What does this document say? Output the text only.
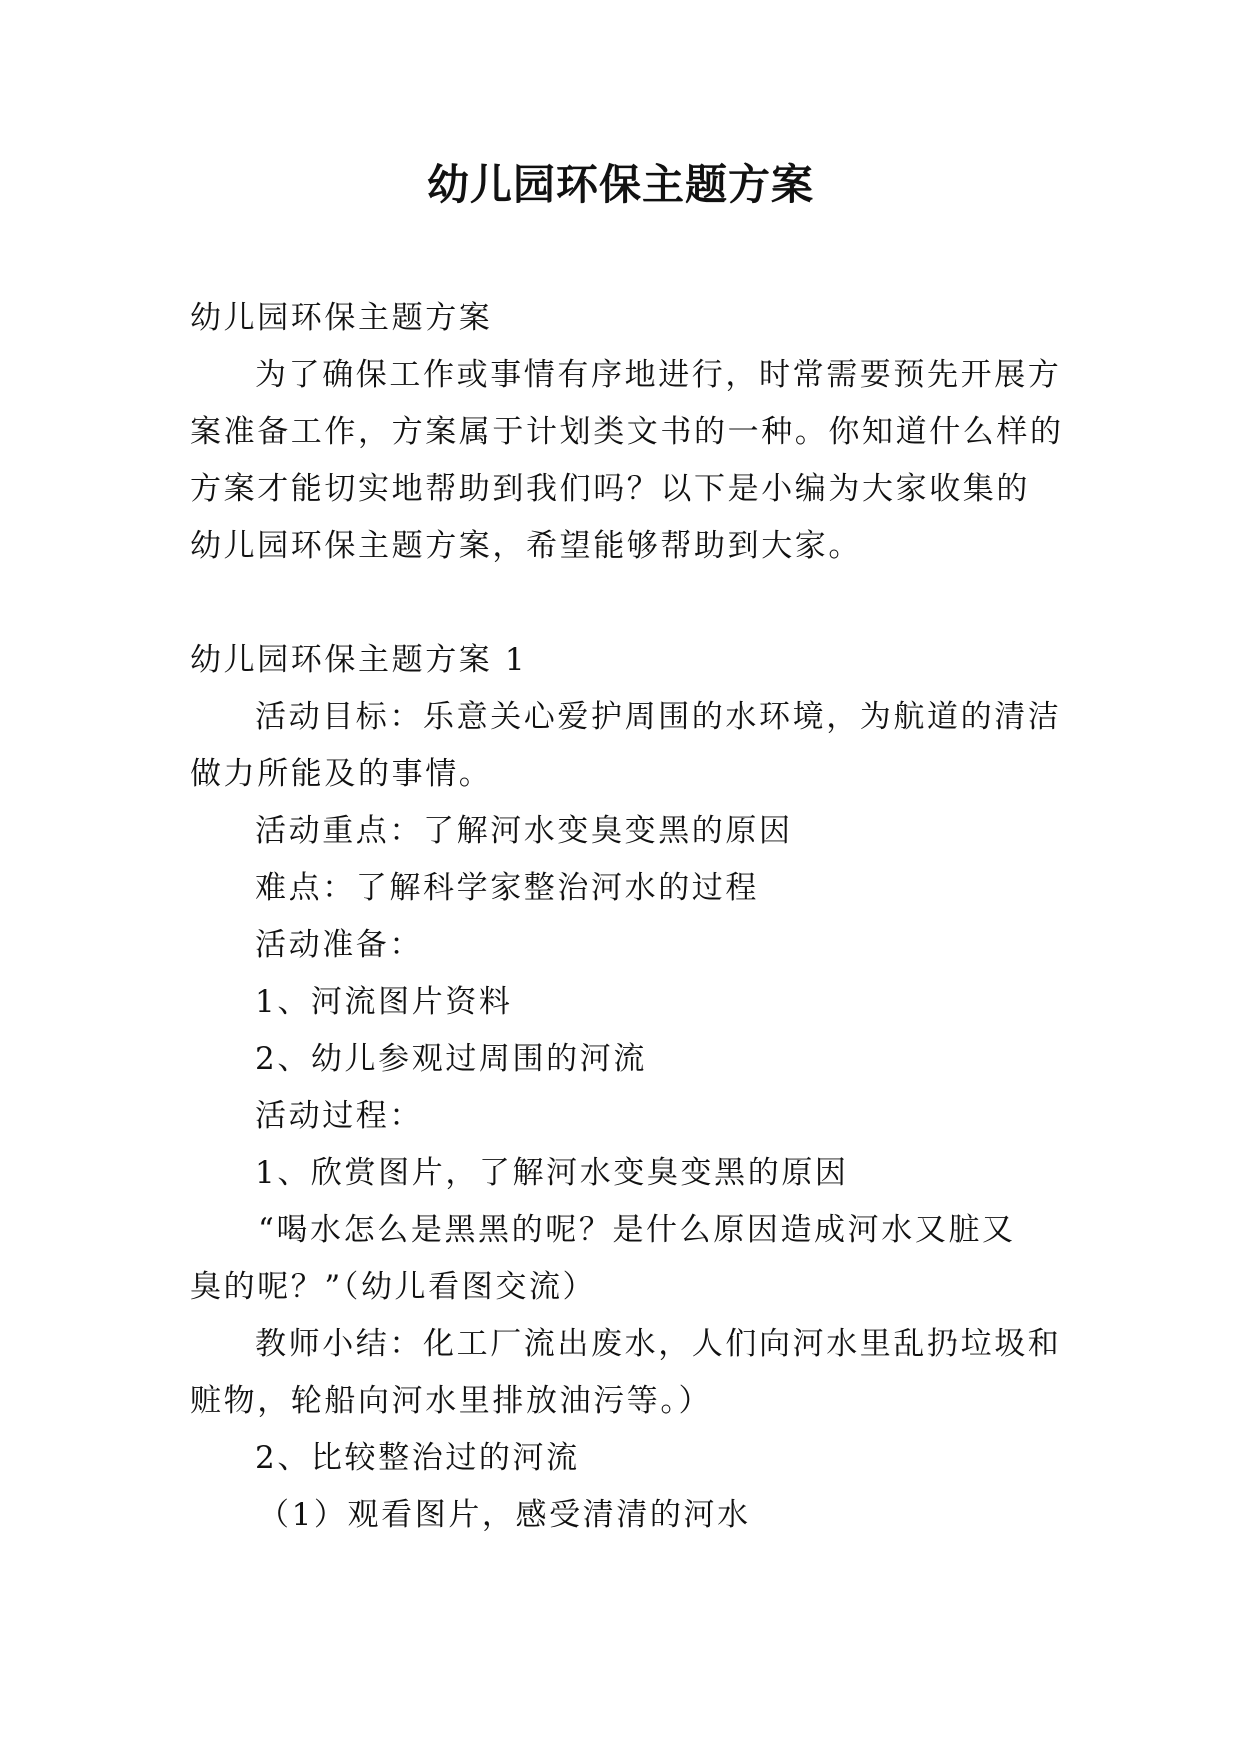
幼儿园环保主题方案
幼儿园环保主题方案
为了确保工作或事情有序地进行，时常需要预先开展方
案准备工作，方案属于计划类文书的一种。你知道什么样的
方案才能切实地帮助到我们吗？以下是小编为大家收集的
幼儿园环保主题方案，希望能够帮助到大家。
幼儿园环保主题方案 1
活动目标：乐意关心爱护周围的水环境，为航道的清洁
做力所能及的事情。
活动重点：了解河水变臭变黑的原因
难点：了解科学家整治河水的过程
活动准备：
1、河流图片资料
2、幼儿参观过周围的河流
活动过程：
1、欣赏图片，了解河水变臭变黑的原因
“喝水怎么是黑黑的呢？是什么原因造成河水又脏又
臭的呢？”（幼儿看图交流）
教师小结：化工厂流出废水，人们向河水里乱扔垃圾和
赃物，轮船向河水里排放油污等。）
2、比较整治过的河流
（1）观看图片，感受清清的河水
